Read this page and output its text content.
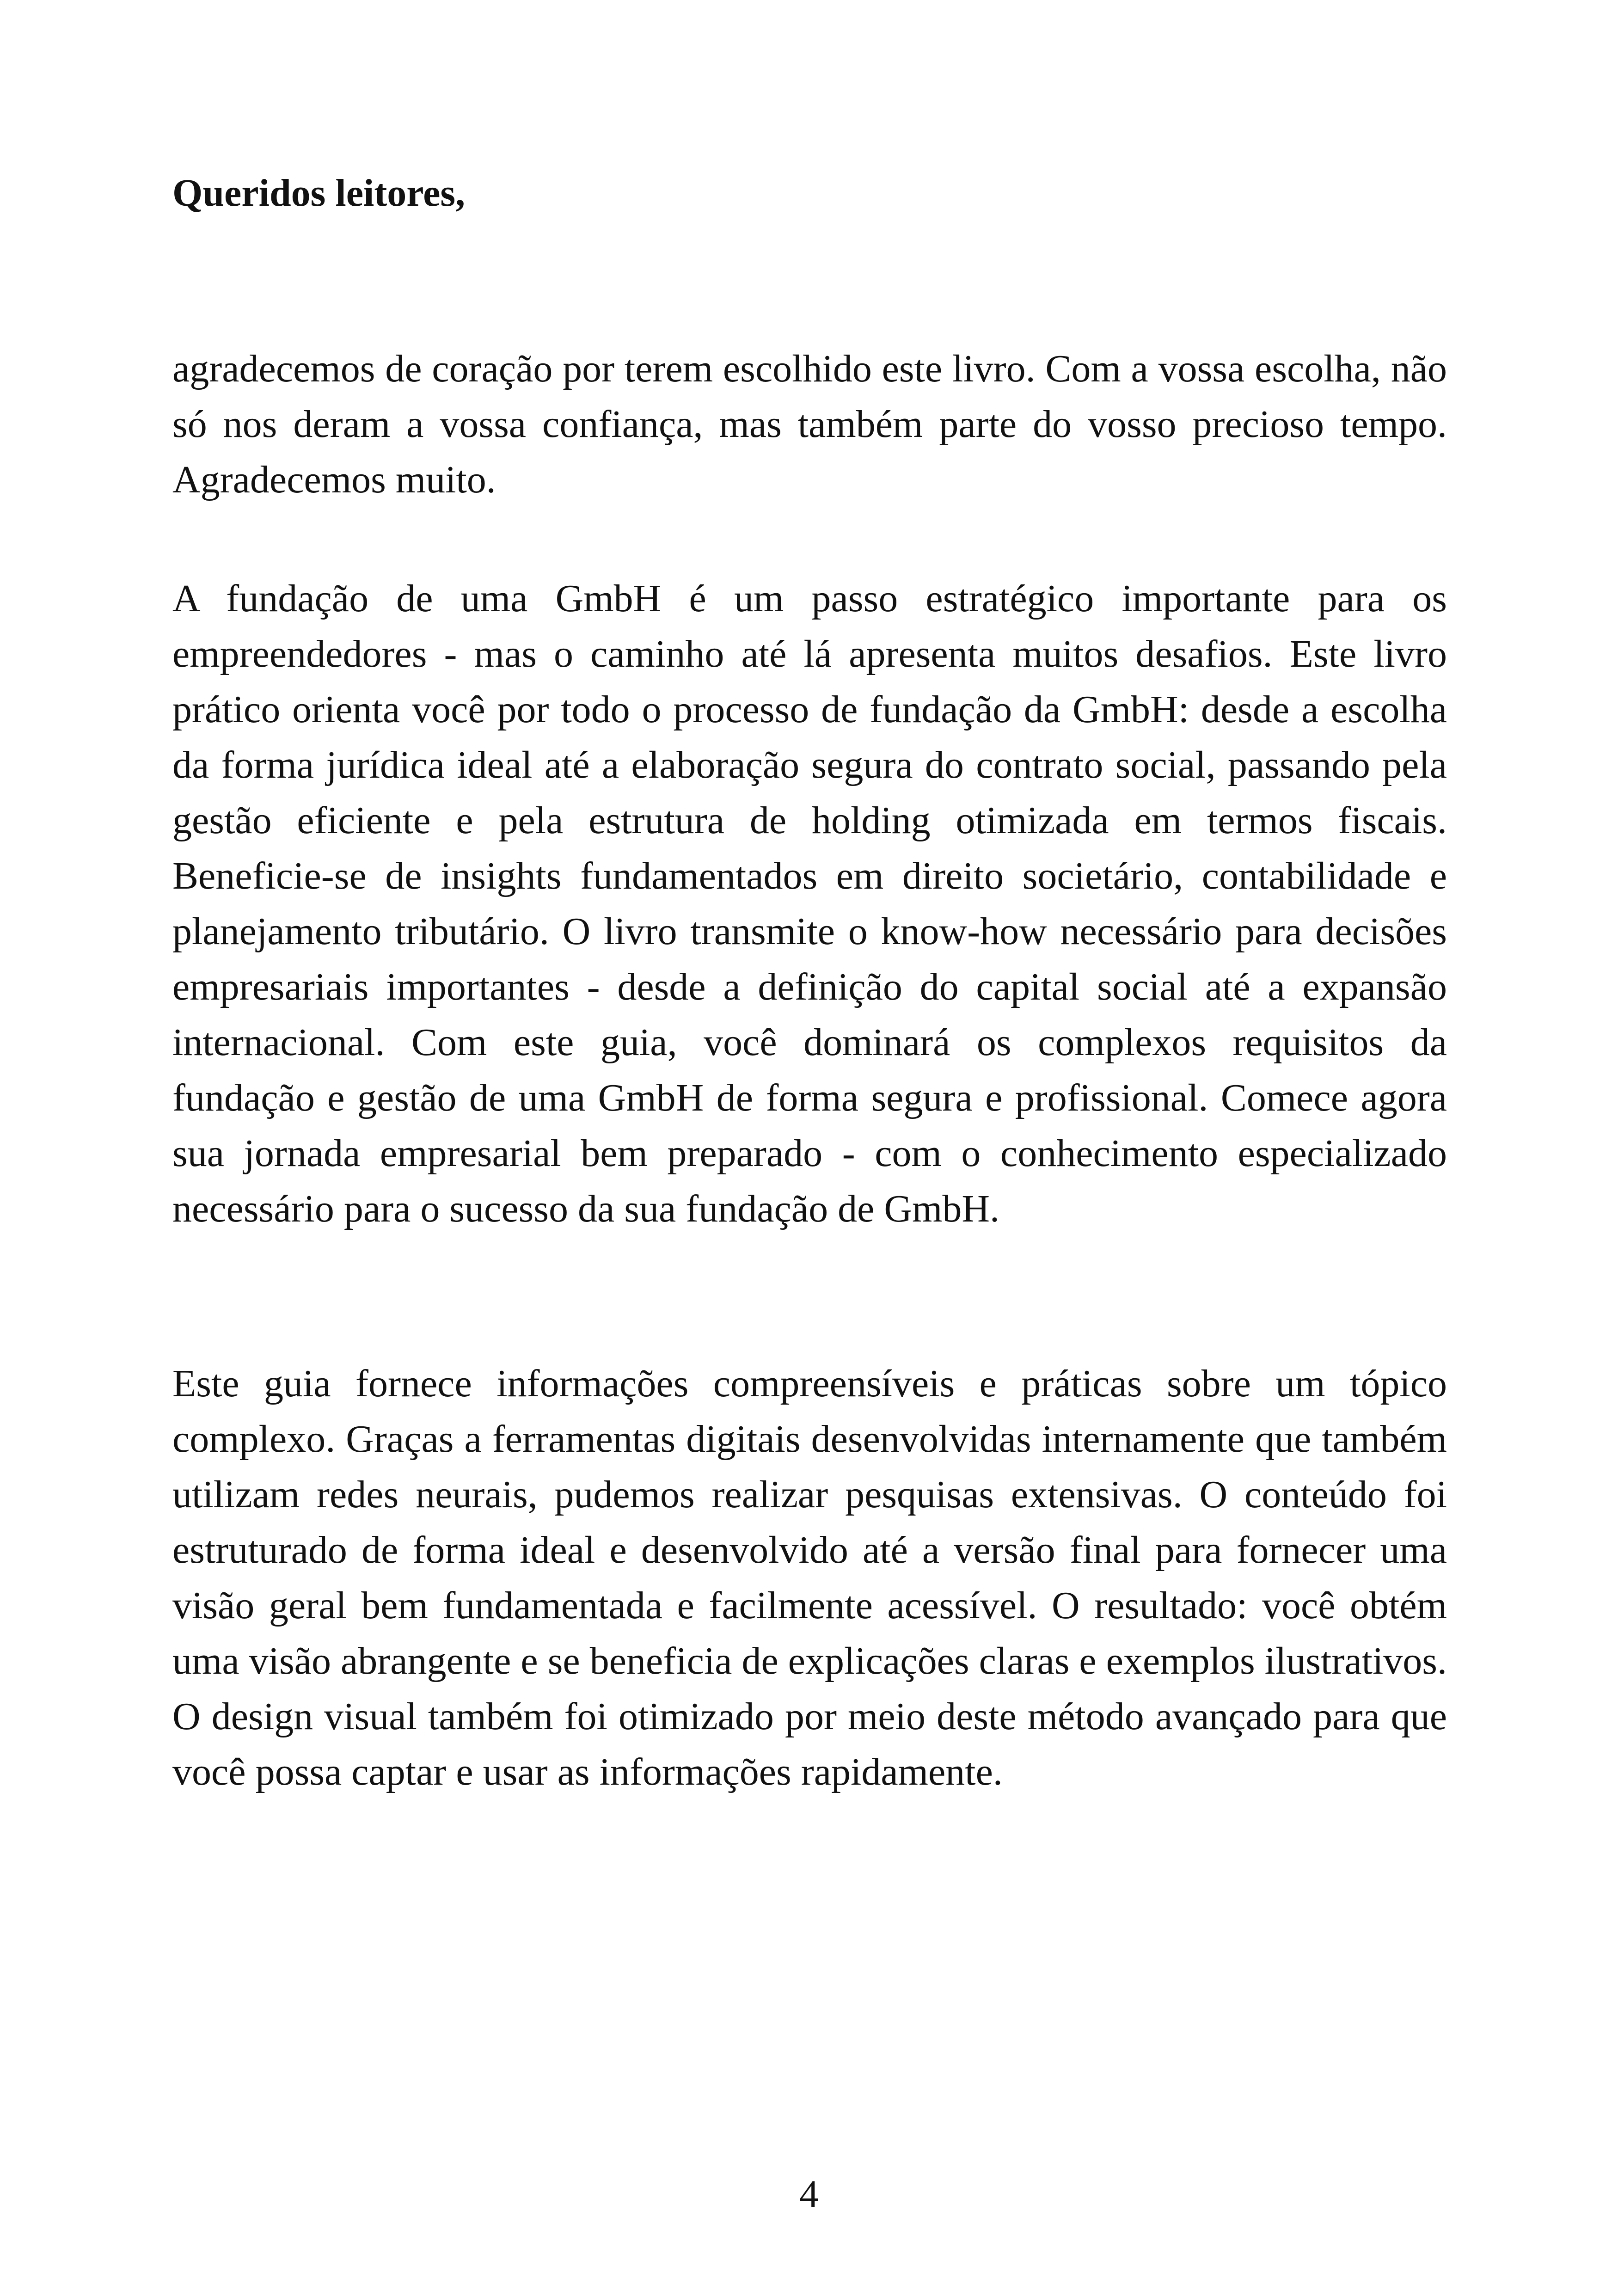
Queridos leitores,

agradecemos de coração por terem escolhido este livro. Com a vossa escolha, não só nos deram a vossa confiança, mas também parte do vosso precioso tempo. Agradecemos muito.

A fundação de uma GmbH é um passo estratégico importante para os empreendedores - mas o caminho até lá apresenta muitos desafios. Este livro prático orienta você por todo o processo de fundação da GmbH: desde a escolha da forma jurídica ideal até a elaboração segura do contrato social, passando pela gestão eficiente e pela estrutura de holding otimizada em termos fiscais. Beneficie-se de insights fundamentados em direito societário, contabilidade e planejamento tributário. O livro transmite o know-how necessário para decisões empresariais importantes - desde a definição do capital social até a expansão internacional. Com este guia, você dominará os complexos requisitos da fundação e gestão de uma GmbH de forma segura e profissional. Comece agora sua jornada empresarial bem preparado - com o conhecimento especializado necessário para o sucesso da sua fundação de GmbH.

Este guia fornece informações compreensíveis e práticas sobre um tópico complexo. Graças a ferramentas digitais desenvolvidas internamente que também utilizam redes neurais, pudemos realizar pesquisas extensivas. O conteúdo foi estruturado de forma ideal e desenvolvido até a versão final para fornecer uma visão geral bem fundamentada e facilmente acessível. O resultado: você obtém uma visão abrangente e se beneficia de explicações claras e exemplos ilustrativos. O design visual também foi otimizado por meio deste método avançado para que você possa captar e usar as informações rapidamente.

4
